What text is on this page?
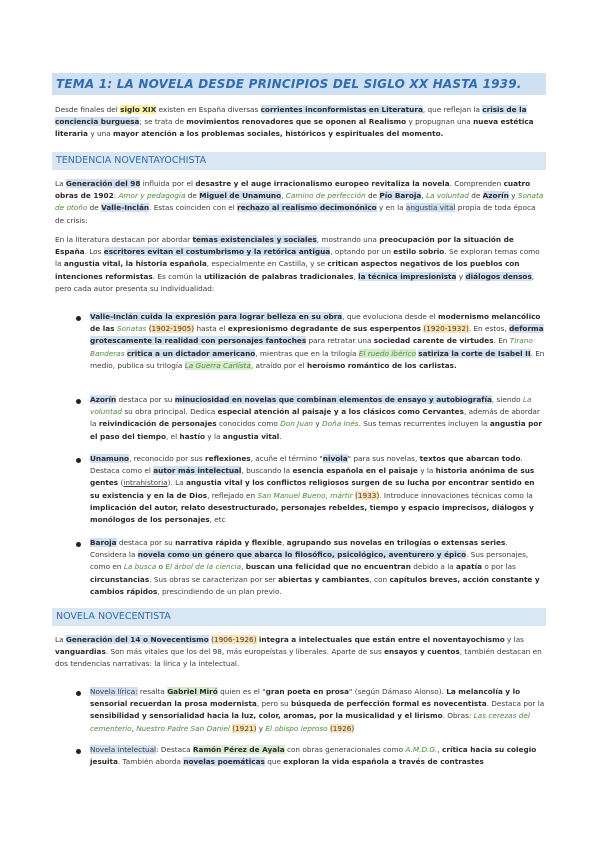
TEMA 1: LA NOVELA DESDE PRINCIPIOS DEL SIGLO XX HASTA 1939.
Desde finales del siglo XIX existen en España diversas corrientes inconformistas en Literatura, que reflejan la crisis de la conciencia burguesa; se trata de movimientos renovadores que se oponen al Realismo y propugnan una nueva estética literaria y una mayor atención a los problemas sociales, históricos y espirituales del momento.
TENDENCIA NOVENTAYOCHISTA
La Generación del 98 influida por el desastre y el auge irracionalismo europeo revitaliza la novela. Comprenden cuatro obras de 1902: Amor y pedagogía de Miguel de Unamuno, Camino de perfección de Pío Baroja, La voluntad de Azorín y Sonata de otoño de Valle-Inclán. Estas coinciden con el rechazo al realismo decimonónico y en la angustia vital propia de toda época de crisis:
En la literatura destacan por abordar temas existenciales y sociales, mostrando una preocupación por la situación de España. Los escritores evitan el costumbrismo y la retórica antigua, optando por un estilo sobrio. Se exploran temas como la angustia vital, la historia española, especialmente en Castilla, y se critican aspectos negativos de los pueblos con intenciones reformistas. Es común la utilización de palabras tradicionales, la técnica impresionista y diálogos densos, pero cada autor presenta su individualidad:
Valle-Inclán cuida la expresión para lograr belleza en su obra, que evoluciona desde el modernismo melancólico de las Sonatas (1902-1905) hasta el expresionismo degradante de sus esperpentos (1920-1932). En estos, deforma grotescamente la realidad con personajes fantoches para retratar una sociedad carente de virtudes. En Tirano Banderas critica a un dictador americano, mientras que en la trilogía El ruedo ibérico satiriza la corte de Isabel II. En medio, publica su trilogía La Guerra Carlista, atraído por el heroísmo romántico de los carlistas.
Azorín destaca por su minuciosidad en novelas que combinan elementos de ensayo y autobiografía, siendo La voluntad su obra principal. Dedica especial atención al paisaje y a los clásicos como Cervantes, además de abordar la reivindicación de personajes conocidos como Don Juan y Doña Inés. Sus temas recurrentes incluyen la angustia por el paso del tiempo, el hastío y la angustia vital.
Unamuno, reconocido por sus reflexiones, acuñe el término "nivola" para sus novelas, textos que abarcan todo. Destaca como el autor más intelectual, buscando la esencia española en el paisaje y la historia anónima de sus gentes (intrahistoria). La angustia vital y los conflictos religiosos surgen de su lucha por encontrar sentido en su existencia y en la de Dios, reflejado en San Manuel Bueno, mártir (1933). Introduce innovaciones técnicas como la implicación del autor, relato desestructurado, personajes rebeldes, tiempo y espacio imprecisos, diálogos y monólogos de los personajes, etc
Baroja destaca por su narrativa rápida y flexible, agrupando sus novelas en trilogías o extensas series. Considera la novela como un género que abarca lo filosófico, psicológico, aventurero y épico. Sus personajes, como en La busca o El árbol de la ciencia, buscan una felicidad que no encuentran debido a la apatía o por las circunstancias. Sus obras se caracterizan por ser abiertas y cambiantes, con capítulos breves, acción constante y cambios rápidos, prescindiendo de un plan previo.
NOVELA NOVECENTISTA
La Generación del 14 o Novecentismo (1906-1926) integra a intelectuales que están entre el noventayochismo y las vanguardias. Son más vitales que los del 98, más europeístas y liberales. Aparte de sus ensayos y cuentos, también destacan en dos tendencias narrativas: la lírica y la intelectual.
Novela lírica: resalta Gabriel Miró quien es el "gran poeta en prosa" (según Dámaso Alonso). La melancolía y lo sensorial recuerdan la prosa modernista, pero su búsqueda de perfección formal es novecentista. Destaca por la sensibilidad y sensorialidad hacia la luz, color, aromas, por la musicalidad y el lirismo. Obras: Las cerezas del cementerio, Nuestro Padre San Daniel (1921) y El obispo leproso (1926)
Novela intelectual: Destaca Ramón Pérez de Ayala con obras generacionales como A.M.D.G., crítica hacia su colegio jesuita. También aborda novelas poemáticas que exploran la vida española a través de contrastes
